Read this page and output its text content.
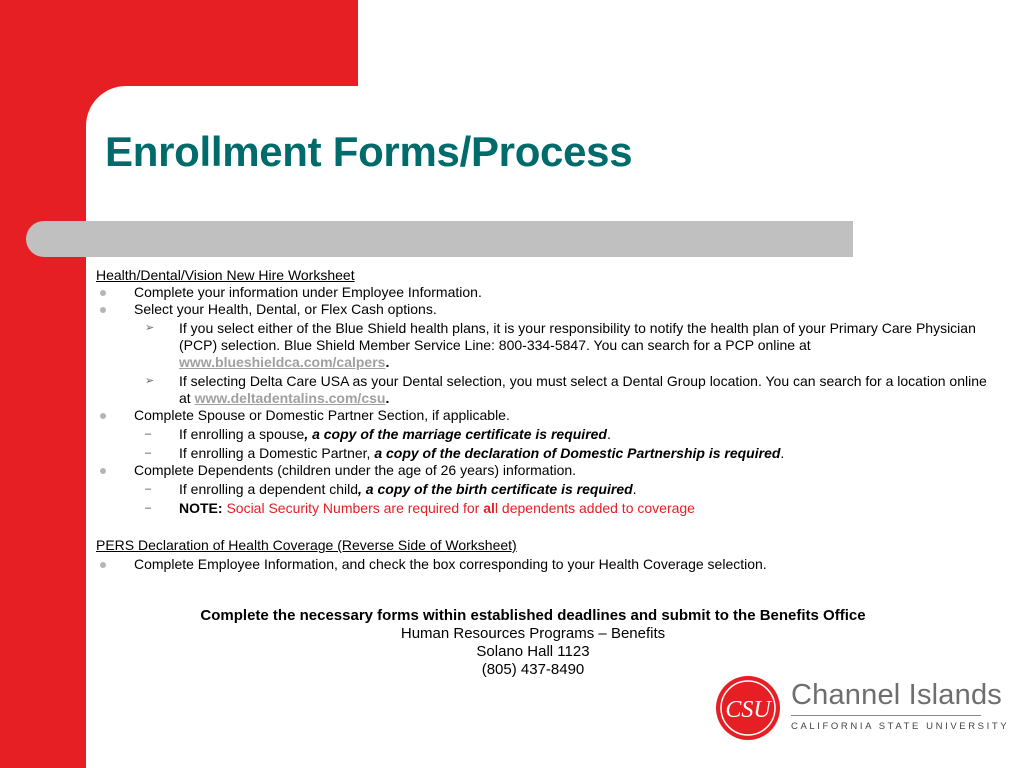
Enrollment Forms/Process
Health/Dental/Vision New Hire Worksheet
Complete your information under Employee Information.
Select your Health, Dental, or Flex Cash options.
➢ If you select either of the Blue Shield health plans, it is your responsibility to notify the health plan of your Primary Care Physician (PCP) selection. Blue Shield Member Service Line: 800-334-5847. You can search for a PCP online at www.blueshieldca.com/calpers.
➢ If selecting Delta Care USA as your Dental selection, you must select a Dental Group location. You can search for a location online at www.deltadentalins.com/csu.
Complete Spouse or Domestic Partner Section, if applicable.
– If enrolling a spouse, a copy of the marriage certificate is required.
– If enrolling a Domestic Partner, a copy of the declaration of Domestic Partnership is required.
Complete Dependents (children under the age of 26 years) information.
– If enrolling a dependent child, a copy of the birth certificate is required.
– NOTE: Social Security Numbers are required for all dependents added to coverage
PERS Declaration of Health Coverage (Reverse Side of Worksheet)
Complete Employee Information, and check the box corresponding to your Health Coverage selection.
Complete the necessary forms within established deadlines and submit to the Benefits Office
Human Resources Programs – Benefits
Solano Hall 1123
(805) 437-8490
CSU Channel Islands
CALIFORNIA STATE UNIVERSITY
